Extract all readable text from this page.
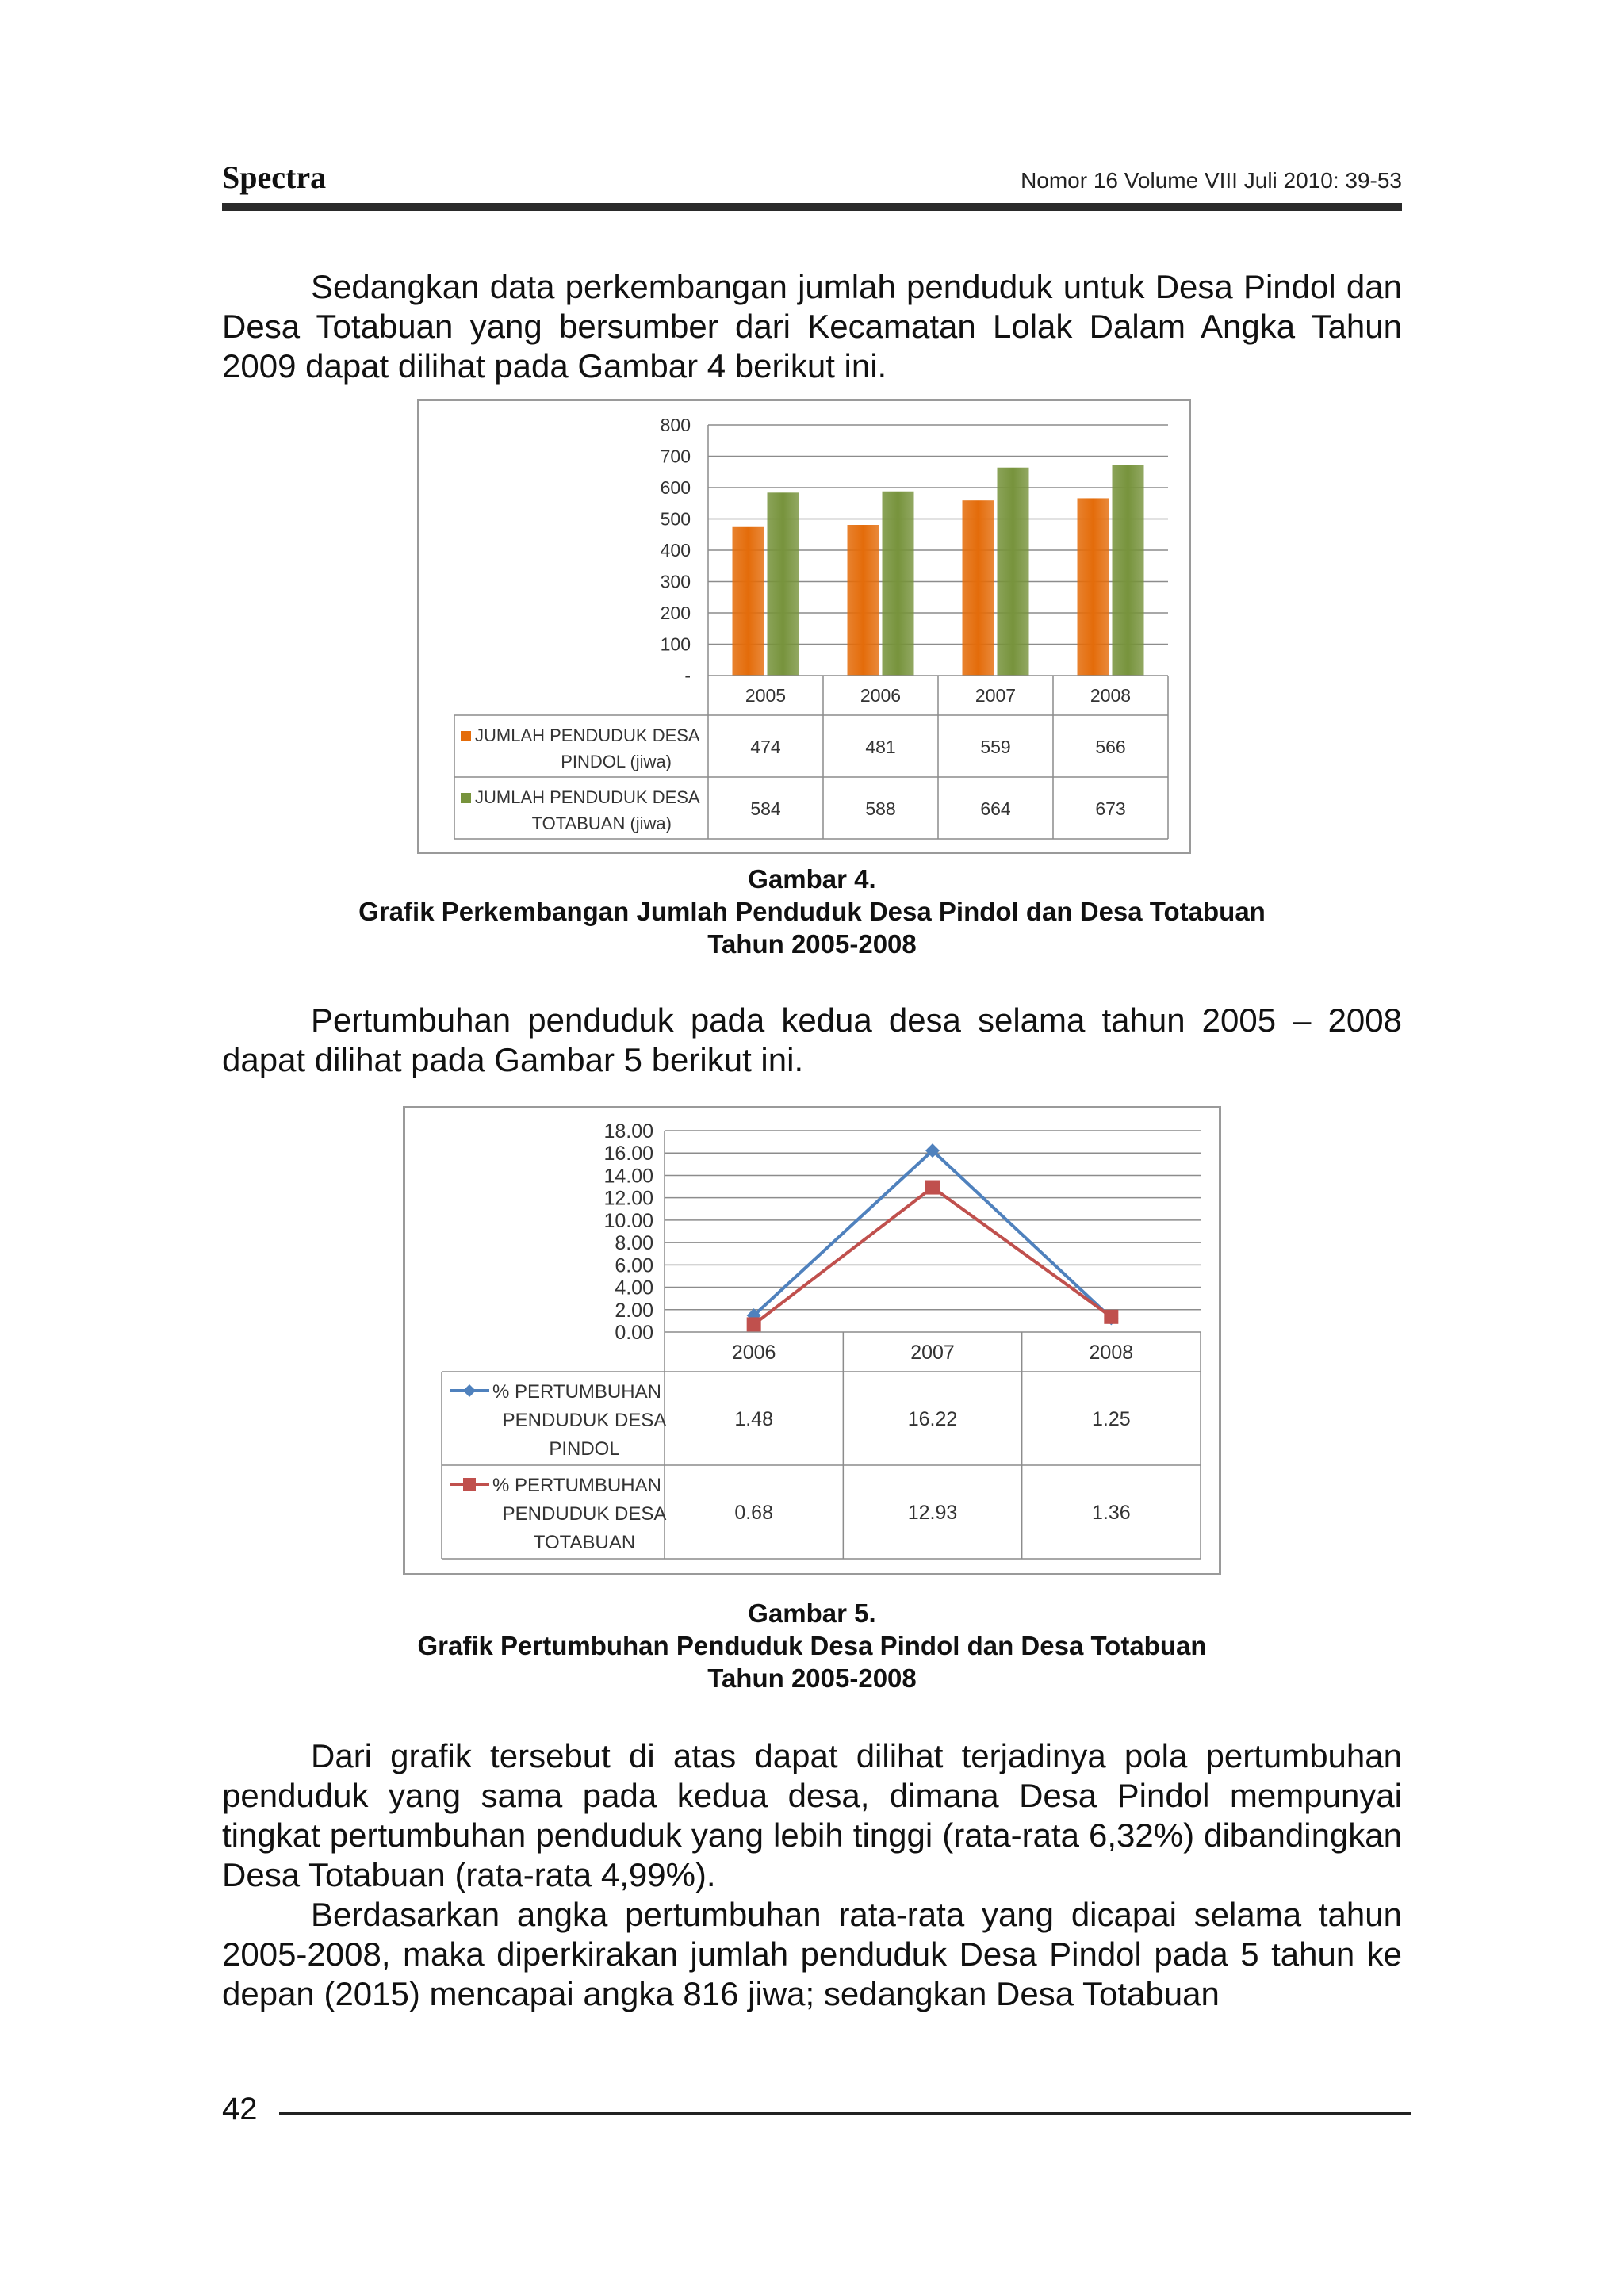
Spectra	Nomor 16 Volume VIII Juli 2010: 39-53

Sedangkan data perkembangan jumlah penduduk untuk Desa Pindol dan Desa Totabuan yang bersumber dari Kecamatan Lolak Dalam Angka Tahun 2009 dapat dilihat pada Gambar 4 berikut ini.

-
100
200
300
400
500
600
700
800
2005	2006	2007	2008
JUMLAH PENDUDUK DESA
PINDOL (jiwa)
474	481	559	566
JUMLAH PENDUDUK DESA
TOTABUAN (jiwa)
584	588	664	673
Gambar 4.
Grafik Perkembangan Jumlah Penduduk Desa Pindol dan Desa Totabuan
Tahun 2005-2008

Pertumbuhan penduduk pada kedua desa selama tahun 2005 – 2008 dapat dilihat pada Gambar 5 berikut ini.

0.00
2.00
4.00
6.00
8.00
10.00
12.00
14.00
16.00
18.00
2006	2007	2008
% PERTUMBUHAN
PENDUDUK DESA
PINDOL
1.48	16.22	1.25
% PERTUMBUHAN
PENDUDUK DESA
TOTABUAN
0.68	12.93	1.36
Gambar 5.
Grafik Pertumbuhan Penduduk Desa Pindol dan Desa Totabuan
Tahun 2005-2008

Dari grafik tersebut di atas dapat dilihat terjadinya pola pertumbuhan penduduk yang sama pada kedua desa, dimana Desa Pindol mempunyai tingkat pertumbuhan penduduk yang lebih tinggi (rata-rata 6,32%) dibandingkan Desa Totabuan (rata-rata 4,99%).

Berdasarkan angka pertumbuhan rata-rata yang dicapai selama tahun 2005-2008, maka diperkirakan jumlah penduduk Desa Pindol pada 5 tahun ke depan (2015) mencapai angka 816 jiwa; sedangkan Desa Totabuan

42
